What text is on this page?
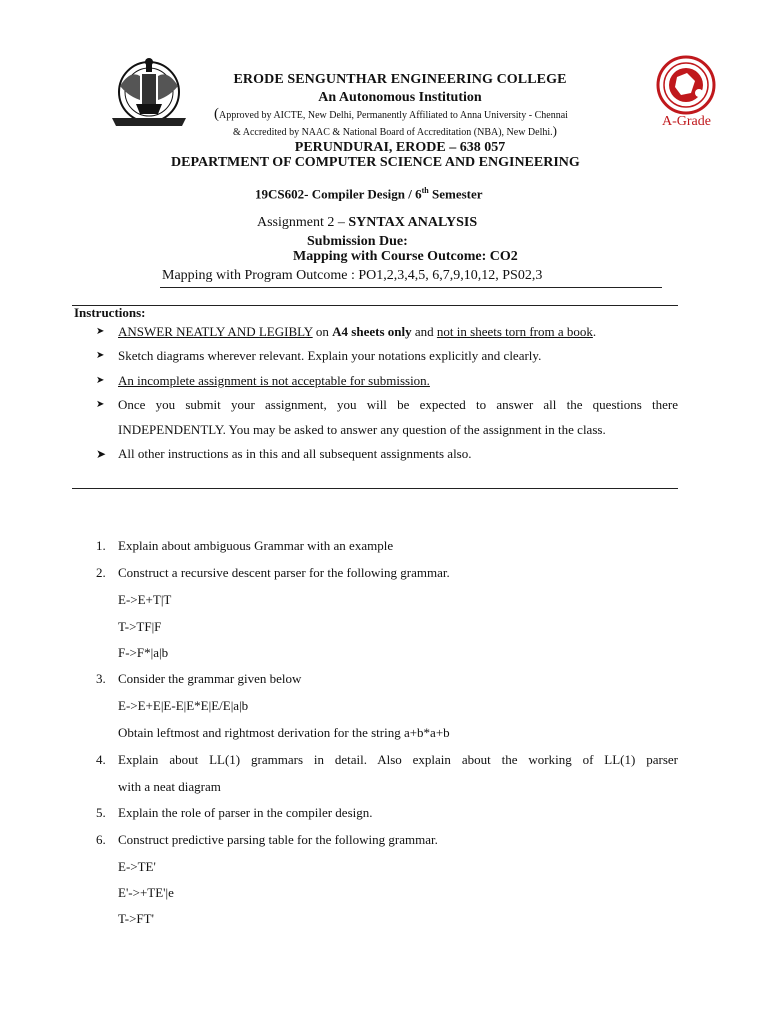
A-Grade
ERODE SENGUNTHAR ENGINEERING COLLEGE
An Autonomous Institution
(Approved by AICTE, New Delhi, Permanently Affiliated to Anna University - Chennai
& Accredited by NAAC & National Board of Accreditation (NBA), New Delhi.)
PERUNDURAI, ERODE – 638 057
DEPARTMENT OF COMPUTER SCIENCE AND ENGINEERING
19CS602- Compiler Design / 6th Semester
Assignment 2 – SYNTAX ANALYSIS
Submission Due:
Mapping with Course Outcome: CO2
Mapping with Program Outcome : PO1,2,3,4,5, 6,7,9,10,12, PS02,3
Instructions:
➤ ANSWER NEATLY AND LEGIBLY on A4 sheets only and not in sheets torn from a book.
➤ Sketch diagrams wherever relevant. Explain your notations explicitly and clearly.
➤ An incomplete assignment is not acceptable for submission.
➤ Once you submit your assignment, you will be expected to answer all the questions there
INDEPENDENTLY. You may be asked to answer any question of the assignment in the class.
➤ All other instructions as in this and all subsequent assignments also.
1. Explain about ambiguous Grammar with an example
2. Construct a recursive descent parser for the following grammar.
E->E+T|T
T->TF|F
F->F*|a|b
3. Consider the grammar given below
E->E+E|E-E|E*E|E/E|a|b
Obtain leftmost and rightmost derivation for the string a+b*a+b
4. Explain about LL(1) grammars in detail. Also explain about the working of LL(1) parser
with a neat diagram
5. Explain the role of parser in the compiler design.
6. Construct predictive parsing table for the following grammar.
E->TE'
E'->+TE'|e
T->FT'
